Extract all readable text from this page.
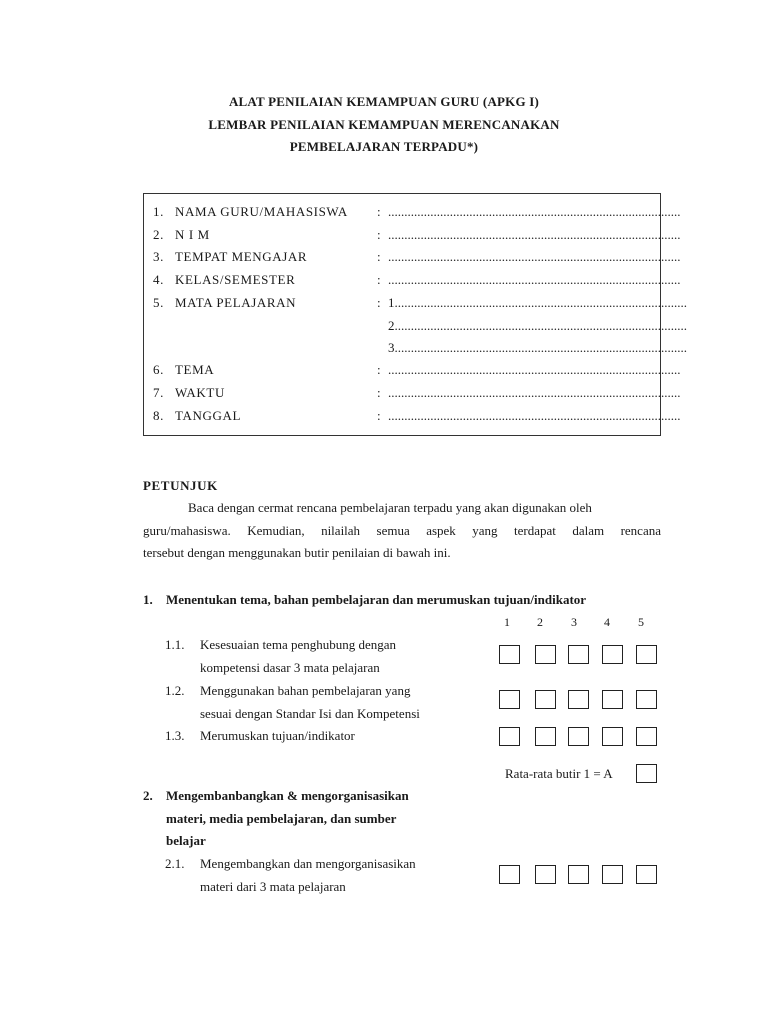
ALAT PENILAIAN KEMAMPUAN GURU (APKG I)
LEMBAR PENILAIAN KEMAMPUAN MERENCANAKAN
PEMBELAJARAN TERPADU*)
1. NAMA GURU/MAHASISWA : ..........................................................................................
2. N I M	: ..........................................................................................
3. TEMPAT MENGAJAR	: ..........................................................................................
4. KELAS/SEMESTER	: ..........................................................................................
5. MATA PELAJARAN	: 1..........................................................................................
2..........................................................................................
3..........................................................................................
6. TEMA	: ..........................................................................................
7. WAKTU	: ..........................................................................................
8. TANGGAL	: ..........................................................................................
PETUNJUK
Baca dengan cermat rencana pembelajaran terpadu yang akan digunakan oleh
guru/mahasiswa. Kemudian, nilailah semua aspek yang terdapat dalam rencana
tersebut dengan menggunakan butir penilaian di bawah ini.
1. Menentukan tema, bahan pembelajaran dan merumuskan tujuan/indikator
1 2 3 4 5
1.1. Kesesuaian tema penghubung dengan
kompetensi dasar 3 mata pelajaran
1.2. Menggunakan bahan pembelajaran yang
sesuai dengan Standar Isi dan Kompetensi
1.3. Merumuskan tujuan/indikator
Rata-rata butir 1 = A
2. Mengembanbangkan & mengorganisasikan
materi, media pembelajaran, dan sumber
belajar
2.1. Mengembangkan dan mengorganisasikan
materi dari 3 mata pelajaran
